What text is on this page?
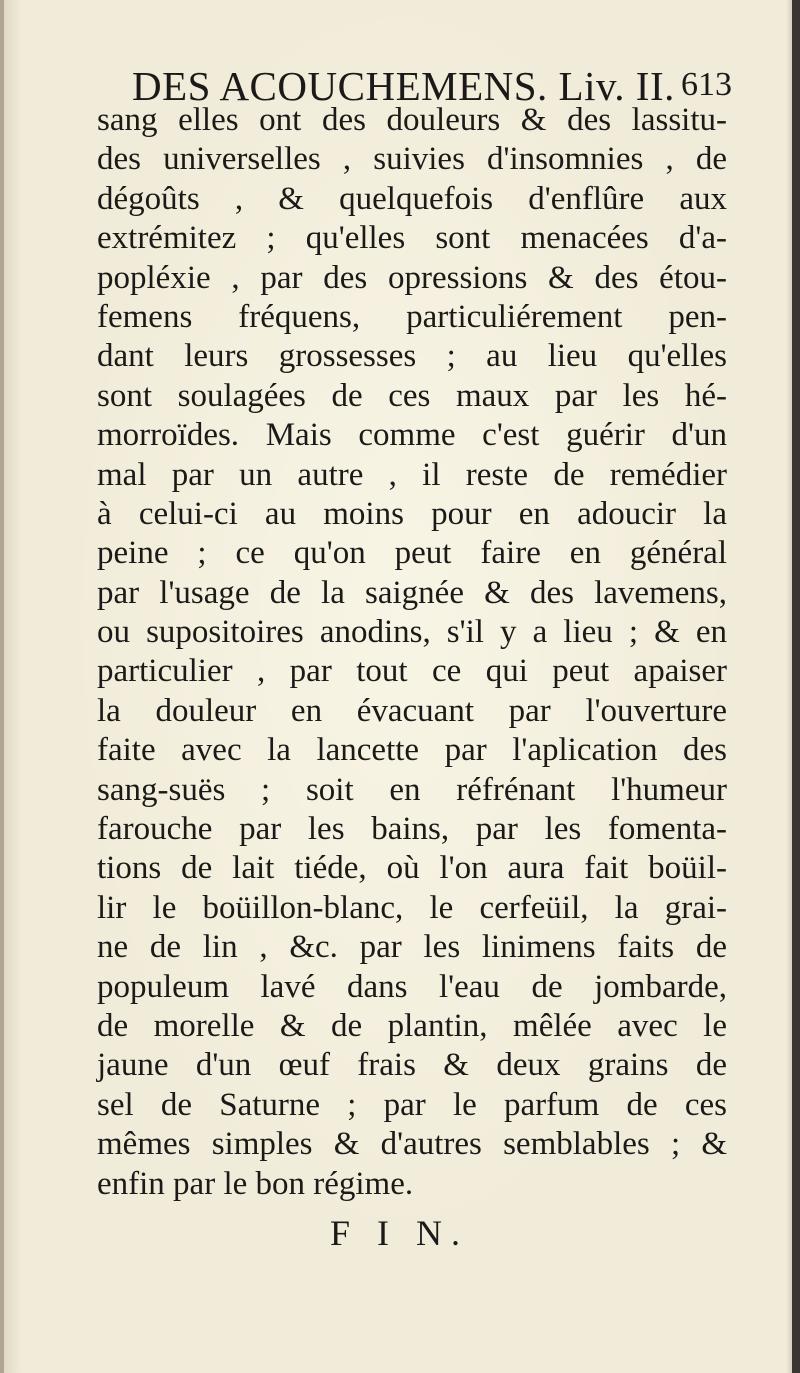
DES ACOUCHEMENS. Liv. II. 613
sang elles ont des douleurs & des lassitu-
des universelles , suivies d'insomnies , de
dégoûts , & quelquefois d'enflûre aux
extrémitez ; qu'elles sont menacées d'a-
popléxie , par des opressions & des étou-
femens fréquens, particuliérement pen-
dant leurs grossesses ; au lieu qu'elles
sont soulagées de ces maux par les hé-
morroïdes. Mais comme c'est guérir d'un
mal par un autre , il reste de remédier
à celui-ci au moins pour en adoucir la
peine ; ce qu'on peut faire en général
par l'usage de la saignée & des lavemens,
ou supositoires anodins, s'il y a lieu ; & en
particulier , par tout ce qui peut apaiser
la douleur en évacuant par l'ouverture
faite avec la lancette par l'aplication des
sang-suës ; soit en réfrénant l'humeur
farouche par les bains, par les fomenta-
tions de lait tiéde, où l'on aura fait boüil-
lir le boüillon-blanc, le cerfeüil, la grai-
ne de lin , &c. par les linimens faits de
populeum lavé dans l'eau de jombarde,
de morelle & de plantin, mêlée avec le
jaune d'un œuf frais & deux grains de
sel de Saturne ; par le parfum de ces
mêmes simples & d'autres semblables ; &
enfin par le bon régime.
F I N.
